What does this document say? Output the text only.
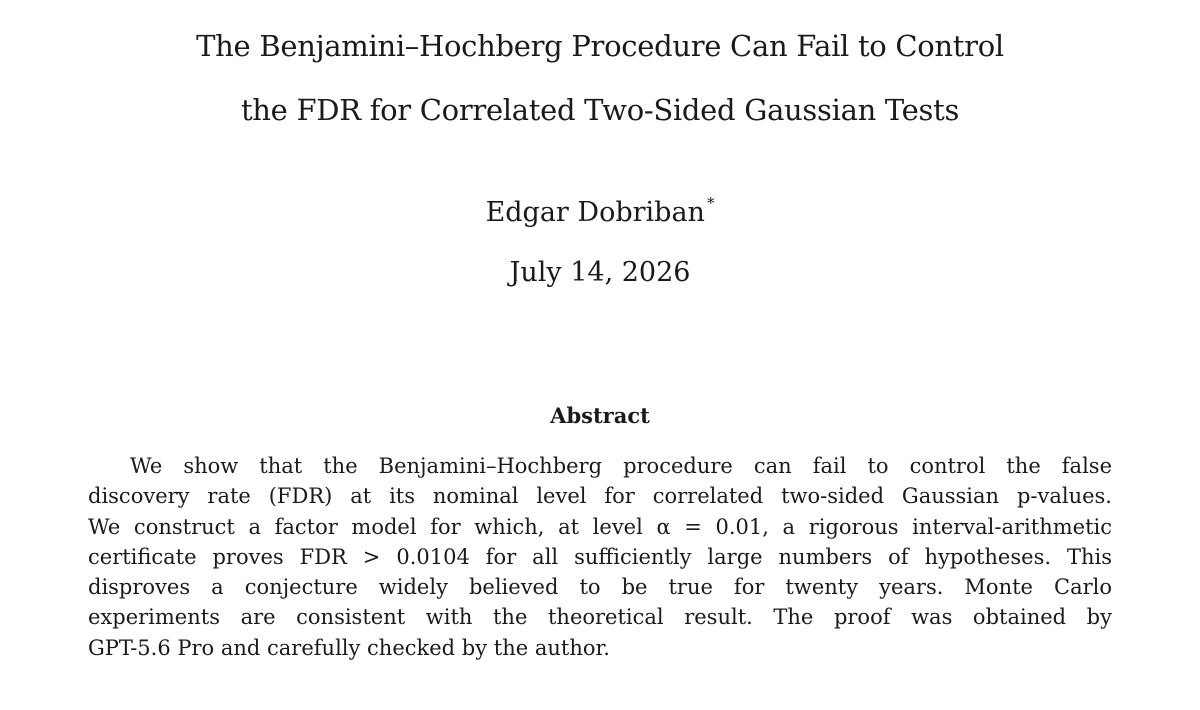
The Benjamini–Hochberg Procedure Can Fail to Control
the FDR for Correlated Two-Sided Gaussian Tests
Edgar Dobriban *
July 14, 2026
Abstract
We show that the Benjamini–Hochberg procedure can fail to control the false
discovery rate (FDR) at its nominal level for correlated two-sided Gaussian p-values.
We construct a factor model for which, at level α = 0.01, a rigorous interval-arithmetic
certificate proves FDR > 0.0104 for all sufficiently large numbers of hypotheses. This
disproves a conjecture widely believed to be true for twenty years. Monte Carlo
experiments are consistent with the theoretical result. The proof was obtained by
GPT-5.6 Pro and carefully checked by the author.
